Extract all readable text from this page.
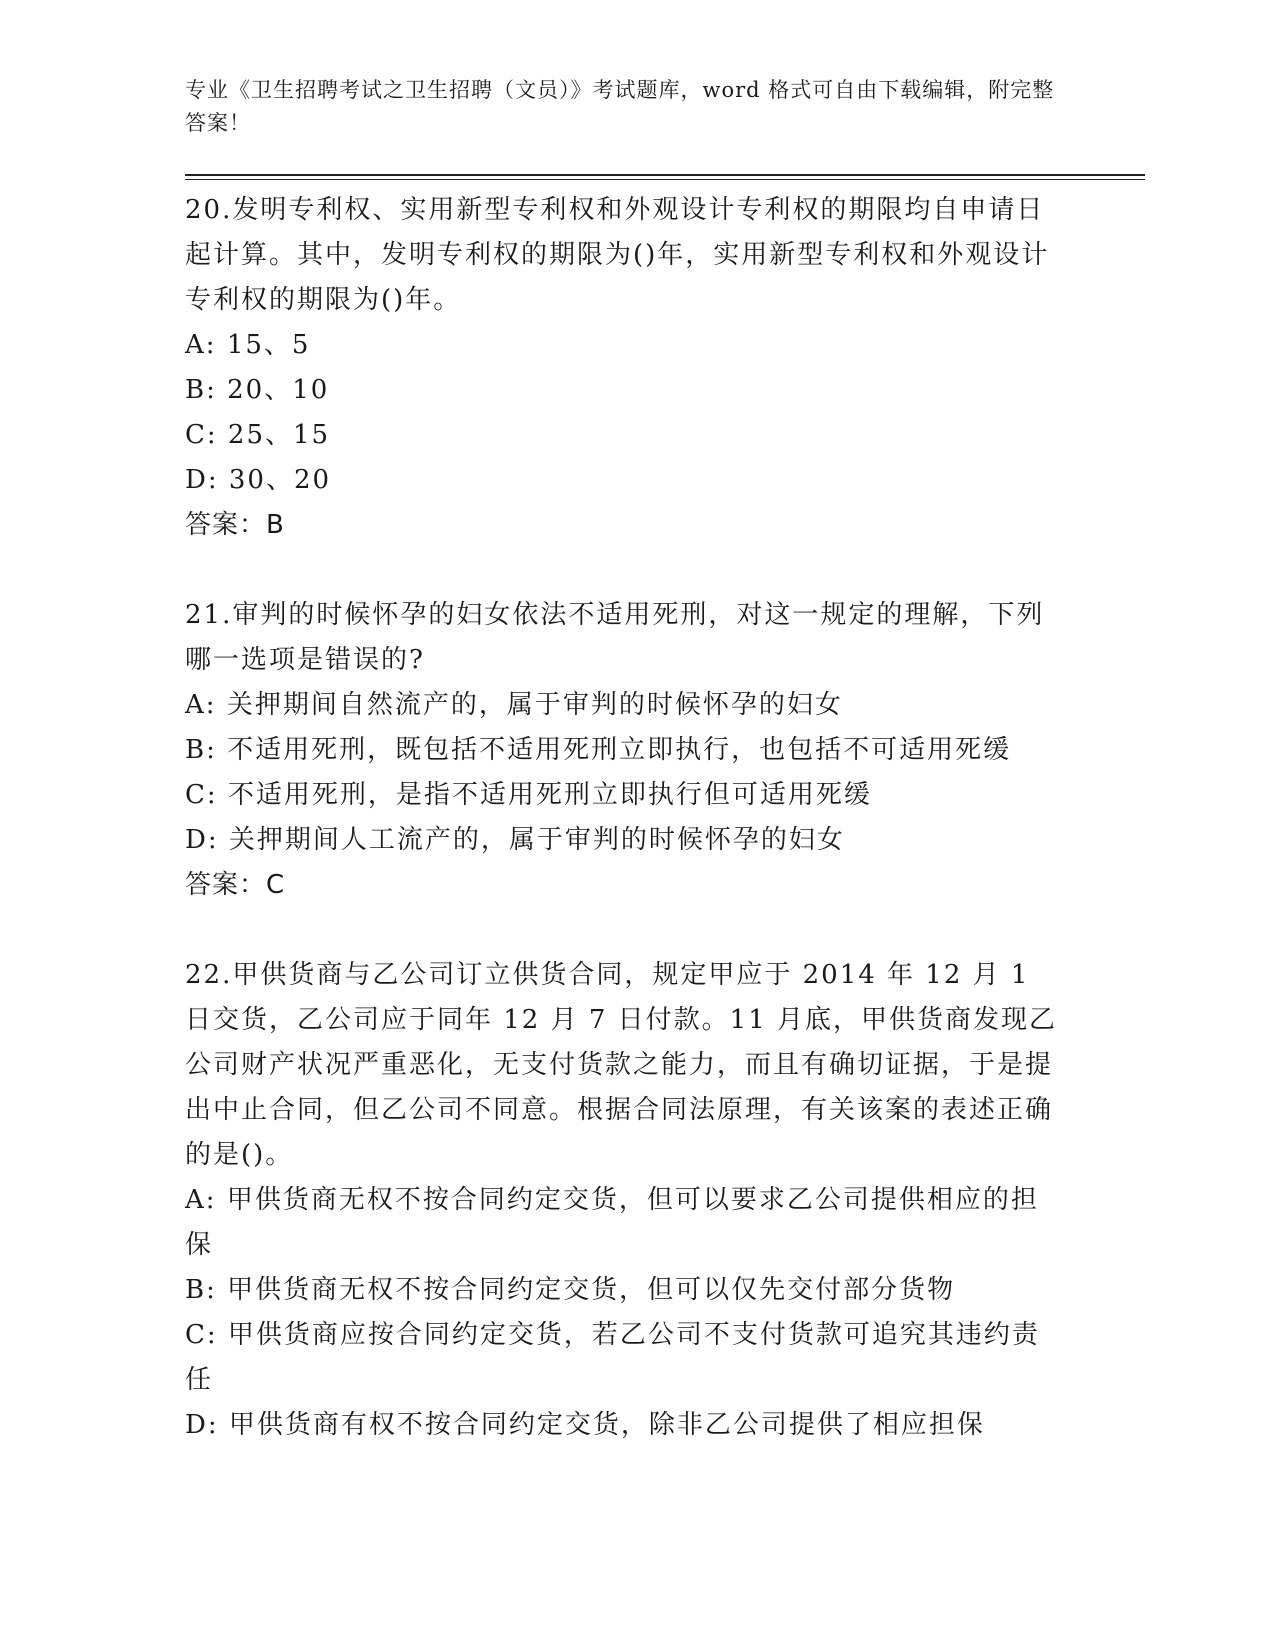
专业《卫生招聘考试之卫生招聘（文员）》考试题库，word 格式可自由下载编辑，附完整答案！
20.发明专利权、实用新型专利权和外观设计专利权的期限均自申请日起计算。其中，发明专利权的期限为()年，实用新型专利权和外观设计专利权的期限为()年。
A: 15、5
B: 20、10
C: 25、15
D: 30、20
答案：B
21.审判的时候怀孕的妇女依法不适用死刑，对这一规定的理解，下列哪一选项是错误的?
A: 关押期间自然流产的，属于审判的时候怀孕的妇女
B: 不适用死刑，既包括不适用死刑立即执行，也包括不可适用死缓
C: 不适用死刑，是指不适用死刑立即执行但可适用死缓
D: 关押期间人工流产的，属于审判的时候怀孕的妇女
答案：C
22.甲供货商与乙公司订立供货合同，规定甲应于 2014 年 12 月 1 日交货，乙公司应于同年 12 月 7 日付款。11 月底，甲供货商发现乙公司财产状况严重恶化，无支付货款之能力，而且有确切证据，于是提出中止合同，但乙公司不同意。根据合同法原理，有关该案的表述正确的是()。
A: 甲供货商无权不按合同约定交货，但可以要求乙公司提供相应的担保
B: 甲供货商无权不按合同约定交货，但可以仅先交付部分货物
C: 甲供货商应按合同约定交货，若乙公司不支付货款可追究其违约责任
D: 甲供货商有权不按合同约定交货，除非乙公司提供了相应担保
